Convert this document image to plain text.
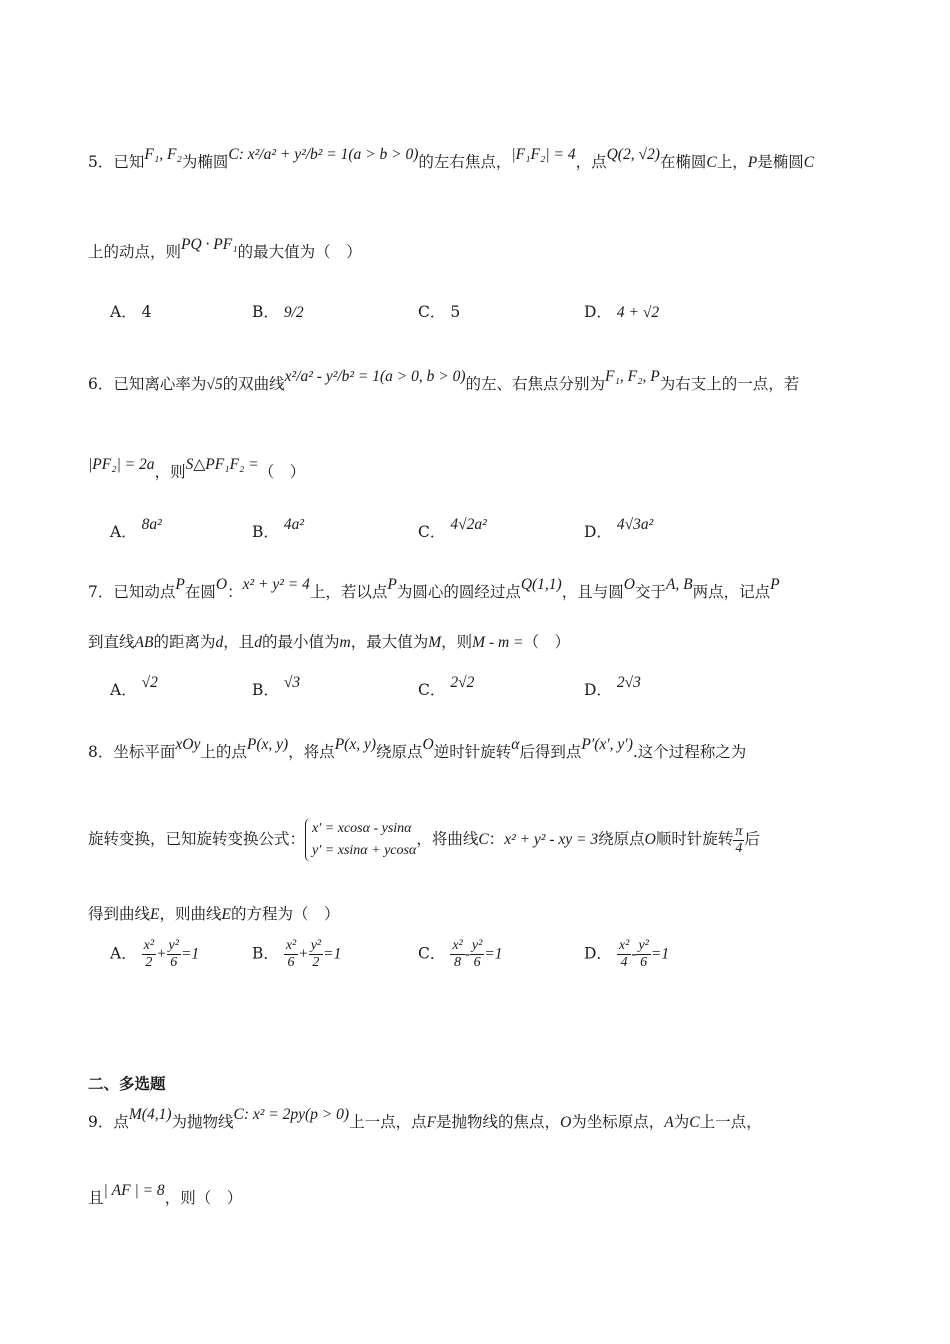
5．已知F₁, F₂为椭圆C: x²/a² + y²/b² = 1(a > b > 0)的左右焦点，|F₁F₂| = 4，点Q(2, √2)在椭圆C上，P是椭圆C
上的动点，则PQ · PF₁的最大值为（　）
A． 4	B． 9/2	C． 5	D． 4 + √2
6．已知离心率为√5的双曲线x²/a² - y²/b² = 1(a > 0, b > 0)的左、右焦点分别为F₁, F₂, P为右支上的一点，若
|PF₂| = 2a，则S△PF₁F₂ =（　）
A． 8a²	B． 4a²	C． 4√2a²	D． 4√3a²
7．已知动点P在圆O：x² + y² = 4上，若以点P为圆心的圆经过点Q(1,1)，且与圆O交于A, B两点，记点P
到直线AB的距离为d，且d的最小值为m，最大值为M，则M - m =（　）
A． √2	B． √3	C． 2√2	D． 2√3
8．坐标平面xOy上的点P(x, y)，将点P(x, y)绕原点O逆时针旋转α后得到点P′(x′, y′).这个过程称之为
旋转变换，已知旋转变换公式：x′ = xcosα - ysinα
y′ = xsinα + ycosα，将曲线C：x² + y² - xy = 3绕原点O顺时针旋转 $\frac{\pi}{4}$ 后
得到曲线E，则曲线E的方程为（　）
A． $\frac{\text{x²}}{2} + \frac{\text{y²}}{6} =1$	B． $\frac{\text{x²}}{6} + \frac{\text{y²}}{2} =1$	C． $\frac{\text{x²}}{8} - \frac{\text{y²}}{6} =1$	D． $\frac{\text{x²}}{4} - \frac{\text{y²}}{6} =1$
二、多选题
9．点M(4,1)为抛物线C: x² = 2py(p > 0)上一点，点F是抛物线的焦点，O为坐标原点，A为C上一点，
且| AF | = 8，则（　）
